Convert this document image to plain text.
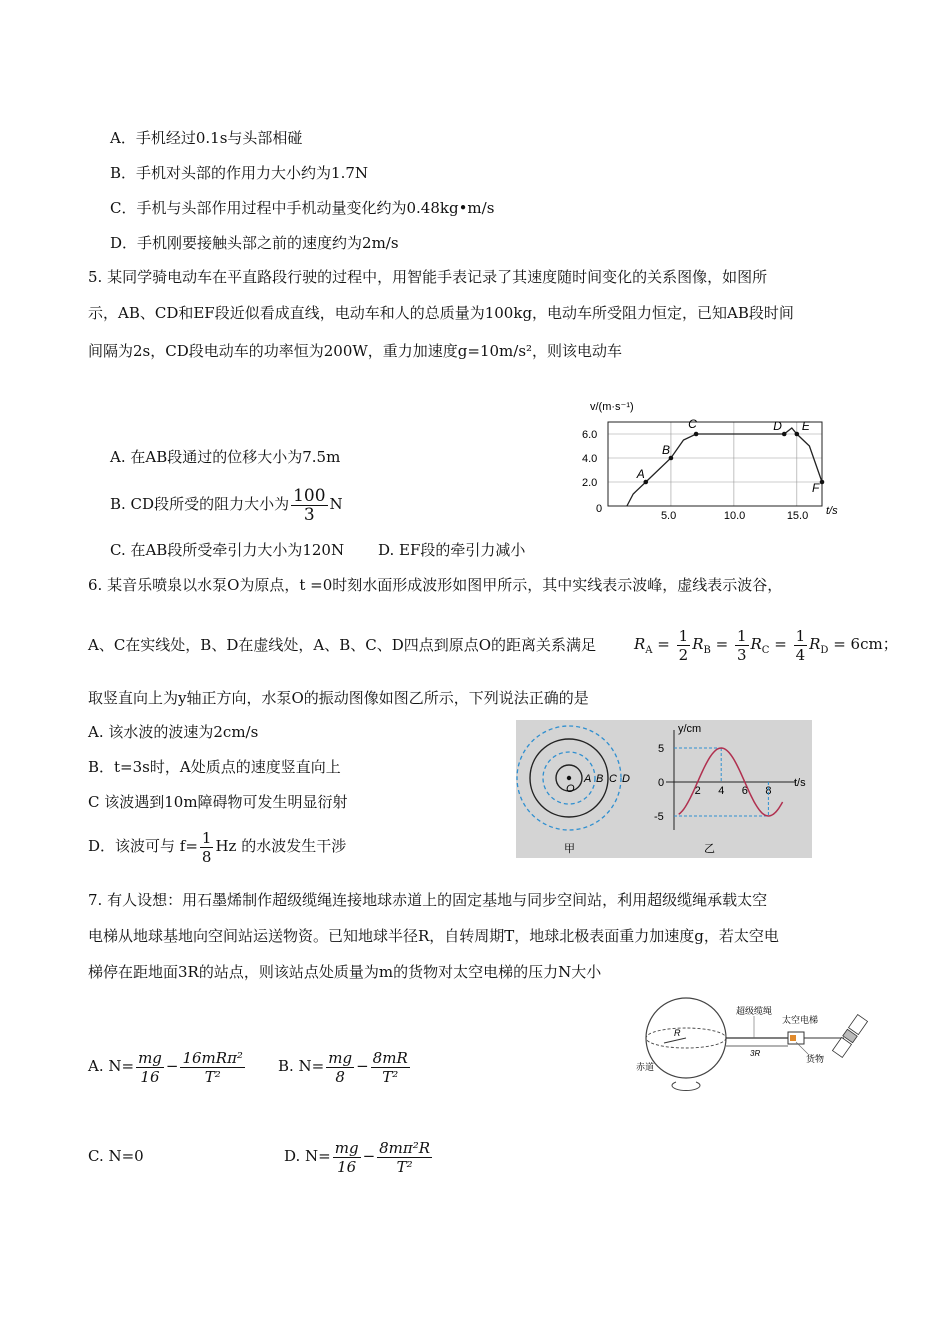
A．手机经过0.1s与头部相碰
B．手机对头部的作用力大小约为1.7N
C．手机与头部作用过程中手机动量变化约为0.48kg•m/s
D．手机刚要接触头部之前的速度约为2m/s
5. 某同学骑电动车在平直路段行驶的过程中，用智能手表记录了其速度随时间变化的关系图像，如图所
示，AB、CD和EF段近似看成直线，电动车和人的总质量为100kg，电动车所受阻力恒定，已知AB段时间
间隔为2s，CD段电动车的功率恒为200W，重力加速度g=10m/s²，则该电动车
A. 在AB段通过的位移大小为7.5m
B. CD段所受的阻力大小为 $\frac{100}{3}$ N
C. 在AB段所受牵引力大小为120N D. EF段的牵引力减小
v/(m·s⁻¹)
t/s
2.0
4.0
6.0
0
5.0	10.0	15.0
A
B
C	D E
F
6. 某音乐喷泉以水泵O为原点，t =0时刻水面形成波形如图甲所示，其中实线表示波峰，虚线表示波谷，
A、C在实线处，B、D在虚线处，A、B、C、D四点到原点O的距离关系满足	$R_A = \frac{1}{2} R_B = \frac{1}{3} R_C = \frac{1}{4} R_D = 6cm$；
取竖直向上为y轴正方向，水泵O的振动图像如图乙所示，下列说法正确的是
A. 该水波的波速为2cm/s
B．t=3s时，A处质点的速度竖直向上
C 该波遇到10m障碍物可发生明显衍射
D．该波可与 $f= \frac{1}{8}$ Hz 的水波发生干涉
O
A B C D
甲
y/cm
t/s
5
0
-5
2 4 6 8
乙
7. 有人设想：用石墨烯制作超级缆绳连接地球赤道上的固定基地与同步空间站，利用超级缆绳承载太空
电梯从地球基地向空间站运送物资。已知地球半径R，自转周期T，地球北极表面重力加速度g，若太空电
梯停在距地面3R的站点，则该站点处质量为m的货物对太空电梯的压力N大小
A. $N= \frac{mg}{16} - \frac{\text{16mRπ²}}{\text{T²}} B$. $N= \frac{mg}{8} - \frac{8mR}{\text{T²}}$
C. N=0	D. $N= \frac{mg}{16} - \frac{\text{8mπ²R}}{\text{T²}}$
R
3R
超级缆绳
太空电梯
货物
赤道
